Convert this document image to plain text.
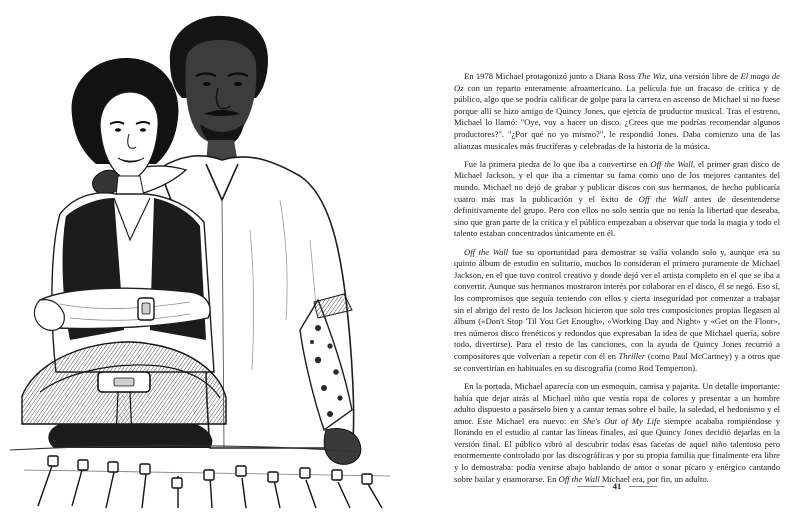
En 1978 Michael protagonizó junto a Diana Ross The Wiz, una versión libre de El mago de Oz con un reparto enteramente afroamericano. La película fue un fracaso de crítica y de público, algo que se podría calificar de golpe para la carrera en ascenso de Michael si no fuese porque allí se hizo amigo de Quincy Jones, que ejercía de productor musical. Tras el estreno, Michael lo llamó: "Oye, voy a hacer un disco. ¿Crees que me podrías recomendar algunos productores?". "¿Por qué no yo mismo?", le respondió Jones. Daba comienzo una de las alianzas musicales más fructíferas y celebradas de la historia de la música.

Fue la primera piedra de lo que iba a convertirse en Off the Wall, el primer gran disco de Michael Jackson, y el que iba a cimentar su fama como uno de los mejores cantantes del mundo. Michael no dejó de grabar y publicar discos con sus hermanos, de hecho publicaría cuatro más tras la publicación y el éxito de Off the Wall antes de desentenderse definitivamente del grupo. Pero con ellos no solo sentía que no tenía la libertad que deseaba, sino que gran parte de la crítica y el público empezaban a observar que toda la magia y todo el talento estaban concentrados únicamente en él.

Off the Wall fue su oportunidad para demostrar su valía volando solo y, aunque era su quinto álbum de estudio en solitario, muchos lo consideran el primero puramente de Michael Jackson, en el que tuvo control creativo y donde dejó ver el artista completo en el que se iba a convertir. Aunque sus hermanos mostraron interés por colaborar en el disco, él se negó. Eso sí, los compromisos que seguía teniendo con ellos y cierta inseguridad por comenzar a trabajar sin el abrigo del resto de los Jackson hicieron que solo tres composiciones propias llegasen al álbum («Don't Stop 'Til You Get Enough», «Working Day and Night» y «Get on the Floor», tres números disco frenéticos y redondos que expresaban la idea de que Michael quería, sobre todo, divertirse). Para el resto de las canciones, con la ayuda de Quincy Jones recurrió a compositores que volverían a repetir con él en Thriller (como Paul McCartney) y a otros que se convertirían en habituales en su discografía (como Rod Temperton).

En la portada, Michael aparecía con un esmoquin, camisa y pajarita. Un detalle importante: había que dejar atrás al Michael niño que vestía ropa de colores y presentar a un hombre adulto dispuesto a pasárselo bien y a cantar temas sobre el baile, la soledad, el hedonismo y el amor. Este Michael era nuevo: en She's Out of My Life siempre acababa rompiéndose y llorando en el estudio al cantar las líneas finales, así que Quincy Jones decidió dejarlas en la versión final. El público vibró al descubrir todas esas facetas de aquel niño talentoso pero enormemente controlado por las discográficas y por su propia familia que finalmente era libre y lo demostraba: podía venirse abajo hablando de amor o sonar pícaro y enérgico cantando sobre bailar y enamorarse. En Off the Wall Michael era, por fin, un adulto.

41
